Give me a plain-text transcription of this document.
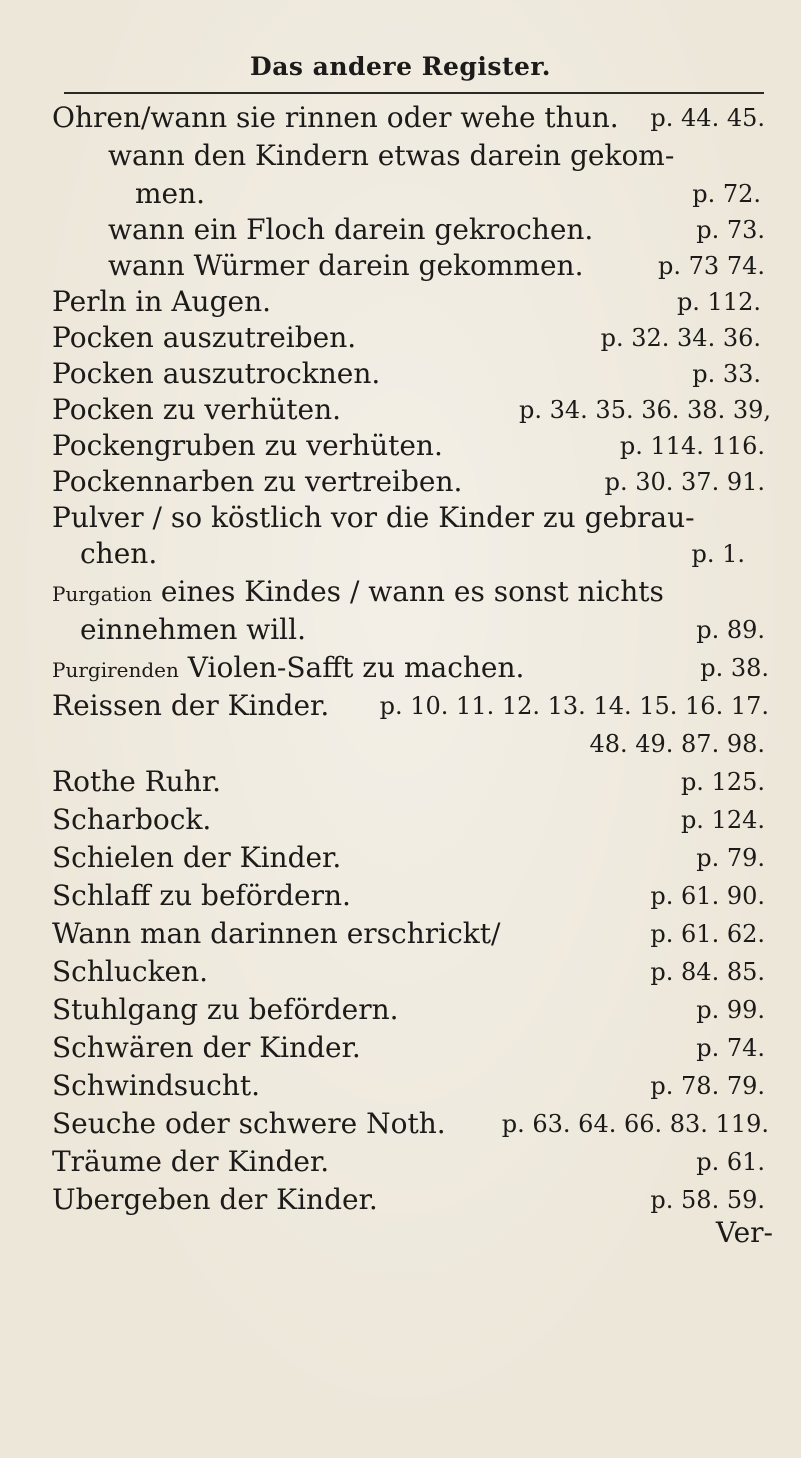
Das andere Register.
Ohren/wann sie rinnen oder wehe thun. p. 44. 45.
wann den Kindern etwas darein gekom-
men.	p. 72.
wann ein Floch darein gekrochen.	p. 73.
wann Würmer darein gekommen.	p. 73 74.
Perln in Augen.	p. 112.
Pocken auszutreiben.	p. 32. 34. 36.
Pocken auszutrocknen.	p. 33.
Pocken zu verhüten.	p. 34. 35. 36. 38. 39,
Pockengruben zu verhüten.	p. 114. 116.
Pockennarben zu vertreiben.	p. 30. 37. 91.
Pulver / so köstlich vor die Kinder zu gebrau-
chen.	p. 1.
Purgation eines Kindes / wann es sonst nichts
einnehmen will.	p. 89.
Purgirenden Violen-Safft zu machen.	p. 38.
Reissen der Kinder. p. 10. 11. 12. 13. 14. 15. 16. 17.
48. 49. 87. 98.
Rothe Ruhr.	p. 125.
Scharbock.	p. 124.
Schielen der Kinder.	p. 79.
Schlaff zu befördern.	p. 61. 90.
Wann man darinnen erschrickt/	p. 61. 62.
Schlucken.	p. 84. 85.
Stuhlgang zu befördern.	p. 99.
Schwären der Kinder.	p. 74.
Schwindsucht.	p. 78. 79.
Seuche oder schwere Noth. p. 63. 64. 66. 83. 119.
Träume der Kinder.	p. 61.
Ubergeben der Kinder.	p. 58. 59.
Ver-
